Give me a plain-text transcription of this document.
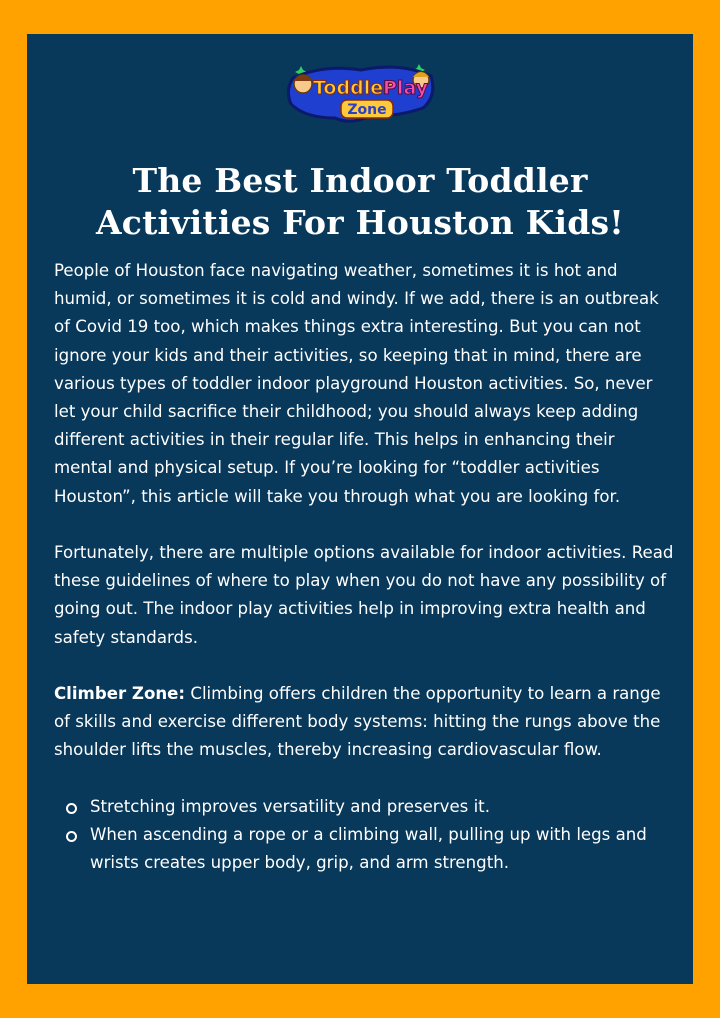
Toddler
Play
Zone
The Best Indoor Toddler
Activities For Houston Kids!

People of Houston face navigating weather, sometimes it is hot and humid, or sometimes it is cold and windy. If we add, there is an outbreak of Covid 19 too, which makes things extra interesting. But you can not ignore your kids and their activities, so keeping that in mind, there are various types of toddler indoor playground Houston activities. So, never let your child sacrifice their childhood; you should always keep adding different activities in their regular life. This helps in enhancing their mental and physical setup. If you’re looking for “toddler activities Houston”, this article will take you through what you are looking for.

Fortunately, there are multiple options available for indoor activities. Read these guidelines of where to play when you do not have any possibility of going out. The indoor play activities help in improving extra health and safety standards.

Climber Zone: Climbing offers children the opportunity to learn a range of skills and exercise different body systems: hitting the rungs above the shoulder lifts the muscles, thereby increasing cardiovascular flow.

Stretching improves versatility and preserves it.
When ascending a rope or a climbing wall, pulling up with legs and wrists creates upper body, grip, and arm strength.
